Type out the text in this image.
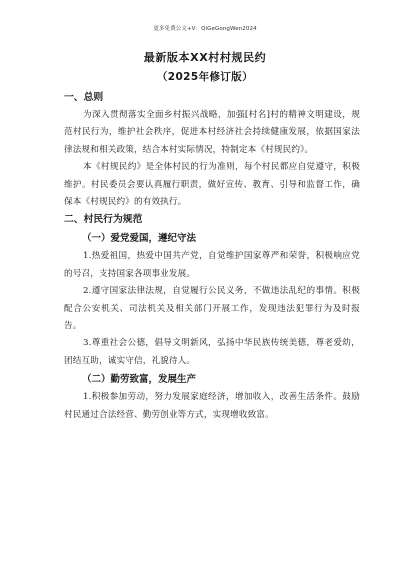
更多免费公文+V：QiGeGongWen2024
最新版本XX村村规民约
（2025年修订版）
一、总则

为深入贯彻落实全面乡村振兴战略，加强[村名]村的精神文明建设，规范村民行为，维护社会秩序，促进本村经济社会持续健康发展，依据国家法律法规和相关政策，结合本村实际情况，特制定本《村规民约》。

本《村规民约》是全体村民的行为准则，每个村民都应自觉遵守，积极维护。村民委员会要认真履行职责，做好宣传、教育、引导和监督工作，确保本《村规民约》的有效执行。

二、村民行为规范
（一）爱党爱国，遵纪守法

1.热爱祖国，热爱中国共产党，自觉维护国家尊严和荣誉，积极响应党的号召，支持国家各项事业发展。

2.遵守国家法律法规，自觉履行公民义务，不做违法乱纪的事情。积极配合公安机关、司法机关及相关部门开展工作，发现违法犯罪行为及时报告。

3.尊重社会公德，倡导文明新风，弘扬中华民族传统美德，尊老爱幼，团结互助，诚实守信，礼貌待人。

（二）勤劳致富，发展生产

1.积极参加劳动，努力发展家庭经济，增加收入，改善生活条件。鼓励村民通过合法经营、勤劳创业等方式，实现增收致富。
